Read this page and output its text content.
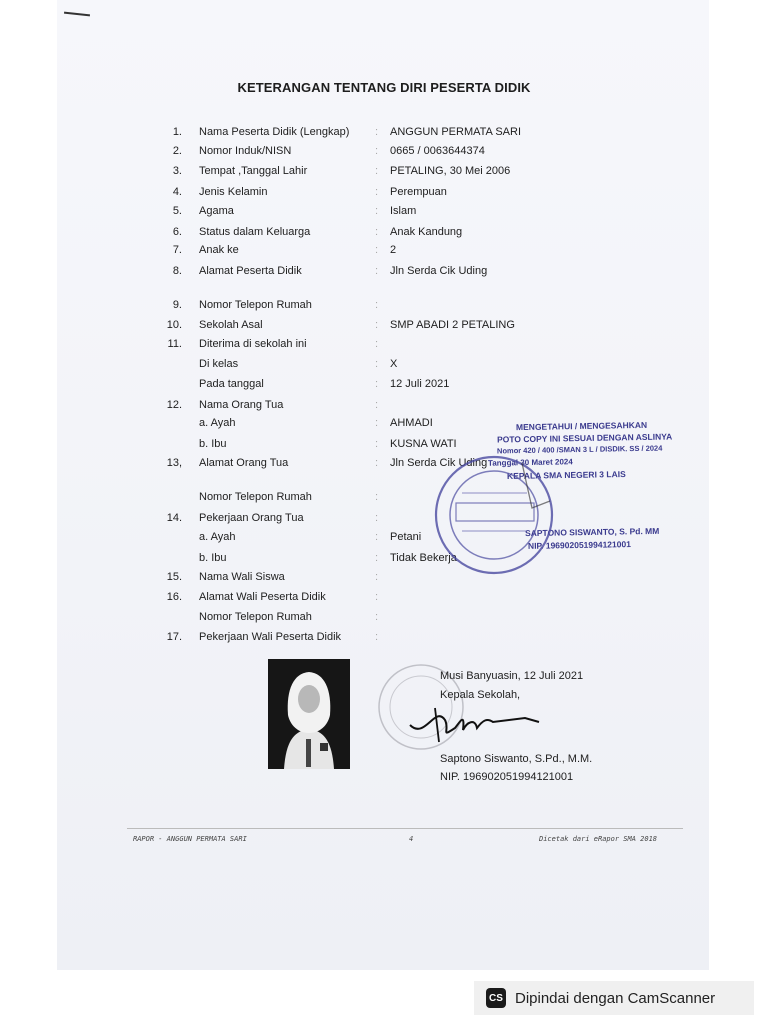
KETERANGAN TENTANG DIRI PESERTA DIDIK
1. Nama Peserta Didik (Lengkap) : ANGGUN PERMATA SARI
2. Nomor Induk/NISN	: 0665 / 0063644374
3. Tempat ,Tanggal Lahir	: PETALING, 30 Mei 2006
4. Jenis Kelamin	: Perempuan
5. Agama	: Islam
6. Status dalam Keluarga	: Anak Kandung
7. Anak ke	: 2
8. Alamat Peserta Didik	: Jln Serda Cik Uding
9. Nomor Telepon Rumah	:
10. Sekolah Asal	: SMP ABADI 2 PETALING
11. Diterima di sekolah ini	:
Di kelas	: X
Pada tanggal	: 12 Juli 2021
12. Nama Orang Tua	:
a. Ayah	: AHMADI
b. Ibu	: KUSNA WATI
13, Alamat Orang Tua	: Jln Serda Cik Uding
Nomor Telepon Rumah	:
14. Pekerjaan Orang Tua	:
a. Ayah	: Petani
b. Ibu	: Tidak Bekerja
15. Nama Wali Siswa	:
16. Alamat Wali Peserta Didik	:
Nomor Telepon Rumah	:
17. Pekerjaan Wali Peserta Didik	:
MENGETAHUI / MENGESAHKAN
POTO COPY INI SESUAI DENGAN ASLINYA
Nomor 420 / 400 /SMAN 3 L / DISDIK. SS / 2024
Tanggal 30 Maret 2024
KEPALA SMA NEGERI 3 LAIS
SAPTONO SISWANTO, S. Pd. MM
NIP. 196902051994121001
Musi Banyuasin, 12 Juli 2021
Kepala Sekolah,
Saptono Siswanto, S.Pd., M.M.
NIP. 196902051994121001
RAPOR - ANGGUN PERMATA SARI	4	Dicetak dari eRapor SMA 2018
CS Dipindai dengan CamScanner
